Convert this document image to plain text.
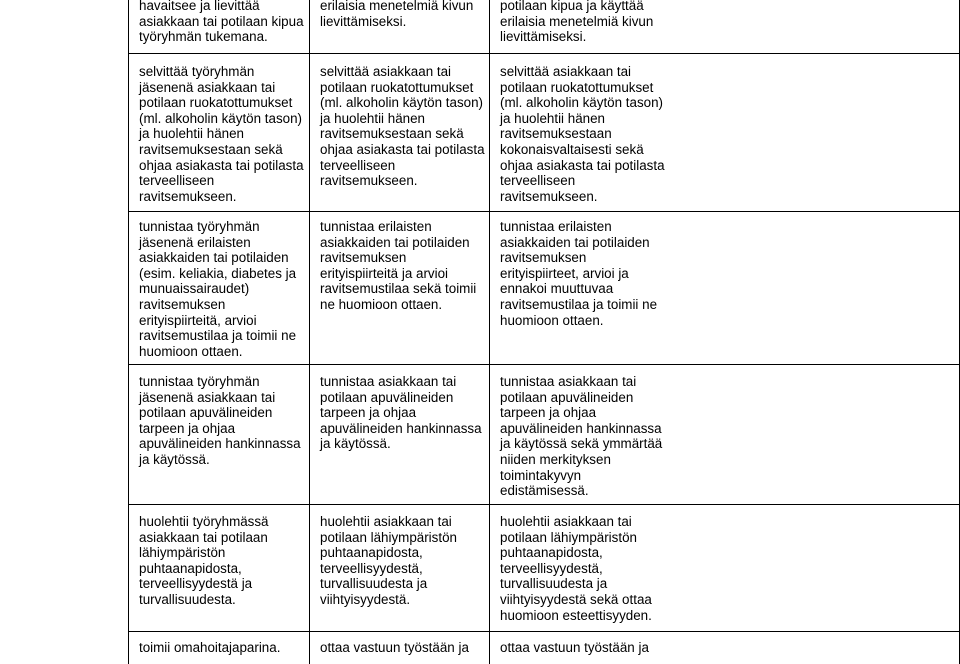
havaitsee ja lievittää
asiakkaan tai potilaan kipua
työryhmän tukemana.
erilaisia menetelmiä kivun
lievittämiseksi.
potilaan kipua ja käyttää
erilaisia menetelmiä kivun
lievittämiseksi.
selvittää työryhmän
jäsenenä asiakkaan tai
potilaan ruokatottumukset
(ml. alkoholin käytön tason)
ja huolehtii hänen
ravitsemuksestaan sekä
ohjaa asiakasta tai potilasta
terveelliseen
ravitsemukseen.
selvittää asiakkaan tai
potilaan ruokatottumukset
(ml. alkoholin käytön tason)
ja huolehtii hänen
ravitsemuksestaan sekä
ohjaa asiakasta tai potilasta
terveelliseen
ravitsemukseen.
selvittää asiakkaan tai
potilaan ruokatottumukset
(ml. alkoholin käytön tason)
ja huolehtii hänen
ravitsemuksestaan
kokonaisvaltaisesti sekä
ohjaa asiakasta tai potilasta
terveelliseen
ravitsemukseen.
tunnistaa työryhmän
jäsenenä erilaisten
asiakkaiden tai potilaiden
(esim. keliakia, diabetes ja
munuaissairaudet)
ravitsemuksen
erityispiirteitä, arvioi
ravitsemustilaa ja toimii ne
huomioon ottaen.
tunnistaa erilaisten
asiakkaiden tai potilaiden
ravitsemuksen
erityispiirteitä ja arvioi
ravitsemustilaa sekä toimii
ne huomioon ottaen.
tunnistaa erilaisten
asiakkaiden tai potilaiden
ravitsemuksen
erityispiirteet, arvioi ja
ennakoi muuttuvaa
ravitsemustilaa ja toimii ne
huomioon ottaen.
tunnistaa työryhmän
jäsenenä asiakkaan tai
potilaan apuvälineiden
tarpeen ja ohjaa
apuvälineiden hankinnassa
ja käytössä.
tunnistaa asiakkaan tai
potilaan apuvälineiden
tarpeen ja ohjaa
apuvälineiden hankinnassa
ja käytössä.
tunnistaa asiakkaan tai
potilaan apuvälineiden
tarpeen ja ohjaa
apuvälineiden hankinnassa
ja käytössä sekä ymmärtää
niiden merkityksen
toimintakyvyn
edistämisessä.
huolehtii työryhmässä
asiakkaan tai potilaan
lähiympäristön
puhtaanapidosta,
terveellisyydestä ja
turvallisuudesta.
huolehtii asiakkaan tai
potilaan lähiympäristön
puhtaanapidosta,
terveellisyydestä,
turvallisuudesta ja
viihtyisyydestä.
huolehtii asiakkaan tai
potilaan lähiympäristön
puhtaanapidosta,
terveellisyydestä,
turvallisuudesta ja
viihtyisyydestä sekä ottaa
huomioon esteettisyyden.
toimii omahoitajaparina.	ottaa vastuun työstään ja	ottaa vastuun työstään ja
